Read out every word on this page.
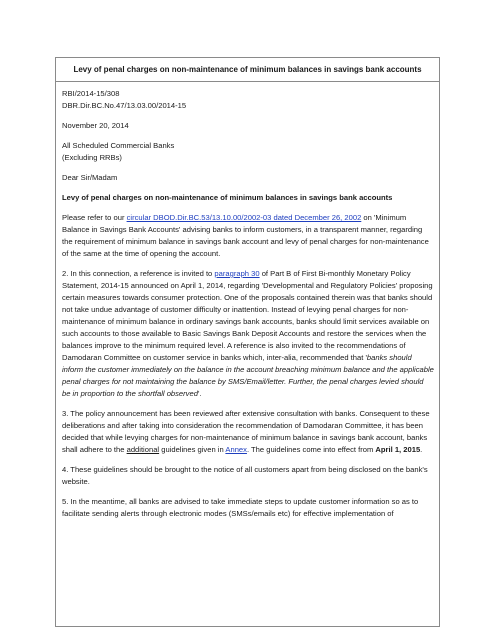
Levy of penal charges on non-maintenance of minimum balances in savings bank accounts

RBI/2014-15/308

DBR.Dir.BC.No.47/13.03.00/2014-15

November 20, 2014

All Scheduled Commercial Banks

(Excluding RRBs)

Dear Sir/Madam

Levy of penal charges on non-maintenance of minimum balances in savings bank accounts

Please refer to our circular DBOD.Dir.BC.53/13.10.00/2002-03 dated December 26, 2002 on 'Minimum Balance in Savings Bank Accounts' advising banks to inform customers, in a transparent manner, regarding the requirement of minimum balance in savings bank account and levy of penal charges for non-maintenance of the same at the time of opening the account.

2. In this connection, a reference is invited to paragraph 30 of Part B of First Bi-monthly Monetary Policy Statement, 2014-15 announced on April 1, 2014, regarding 'Developmental and Regulatory Policies' proposing certain measures towards consumer protection. One of the proposals contained therein was that banks should not take undue advantage of customer difficulty or inattention. Instead of levying penal charges for non-maintenance of minimum balance in ordinary savings bank accounts, banks should limit services available on such accounts to those available to Basic Savings Bank Deposit Accounts and restore the services when the balances improve to the minimum required level. A reference is also invited to the recommendations of Damodaran Committee on customer service in banks which, inter-alia, recommended that 'banks should inform the customer immediately on the balance in the account breaching minimum balance and the applicable penal charges for not maintaining the balance by SMS/Email/letter. Further, the penal charges levied should be in proportion to the shortfall observed'.

3. The policy announcement has been reviewed after extensive consultation with banks. Consequent to these deliberations and after taking into consideration the recommendation of Damodaran Committee, it has been decided that while levying charges for non-maintenance of minimum balance in savings bank account, banks shall adhere to the additional guidelines given in Annex. The guidelines come into effect from April 1, 2015.

4. These guidelines should be brought to the notice of all customers apart from being disclosed on the bank's website.

5. In the meantime, all banks are advised to take immediate steps to update customer information so as to facilitate sending alerts through electronic modes (SMSs/emails etc) for effective implementation of
